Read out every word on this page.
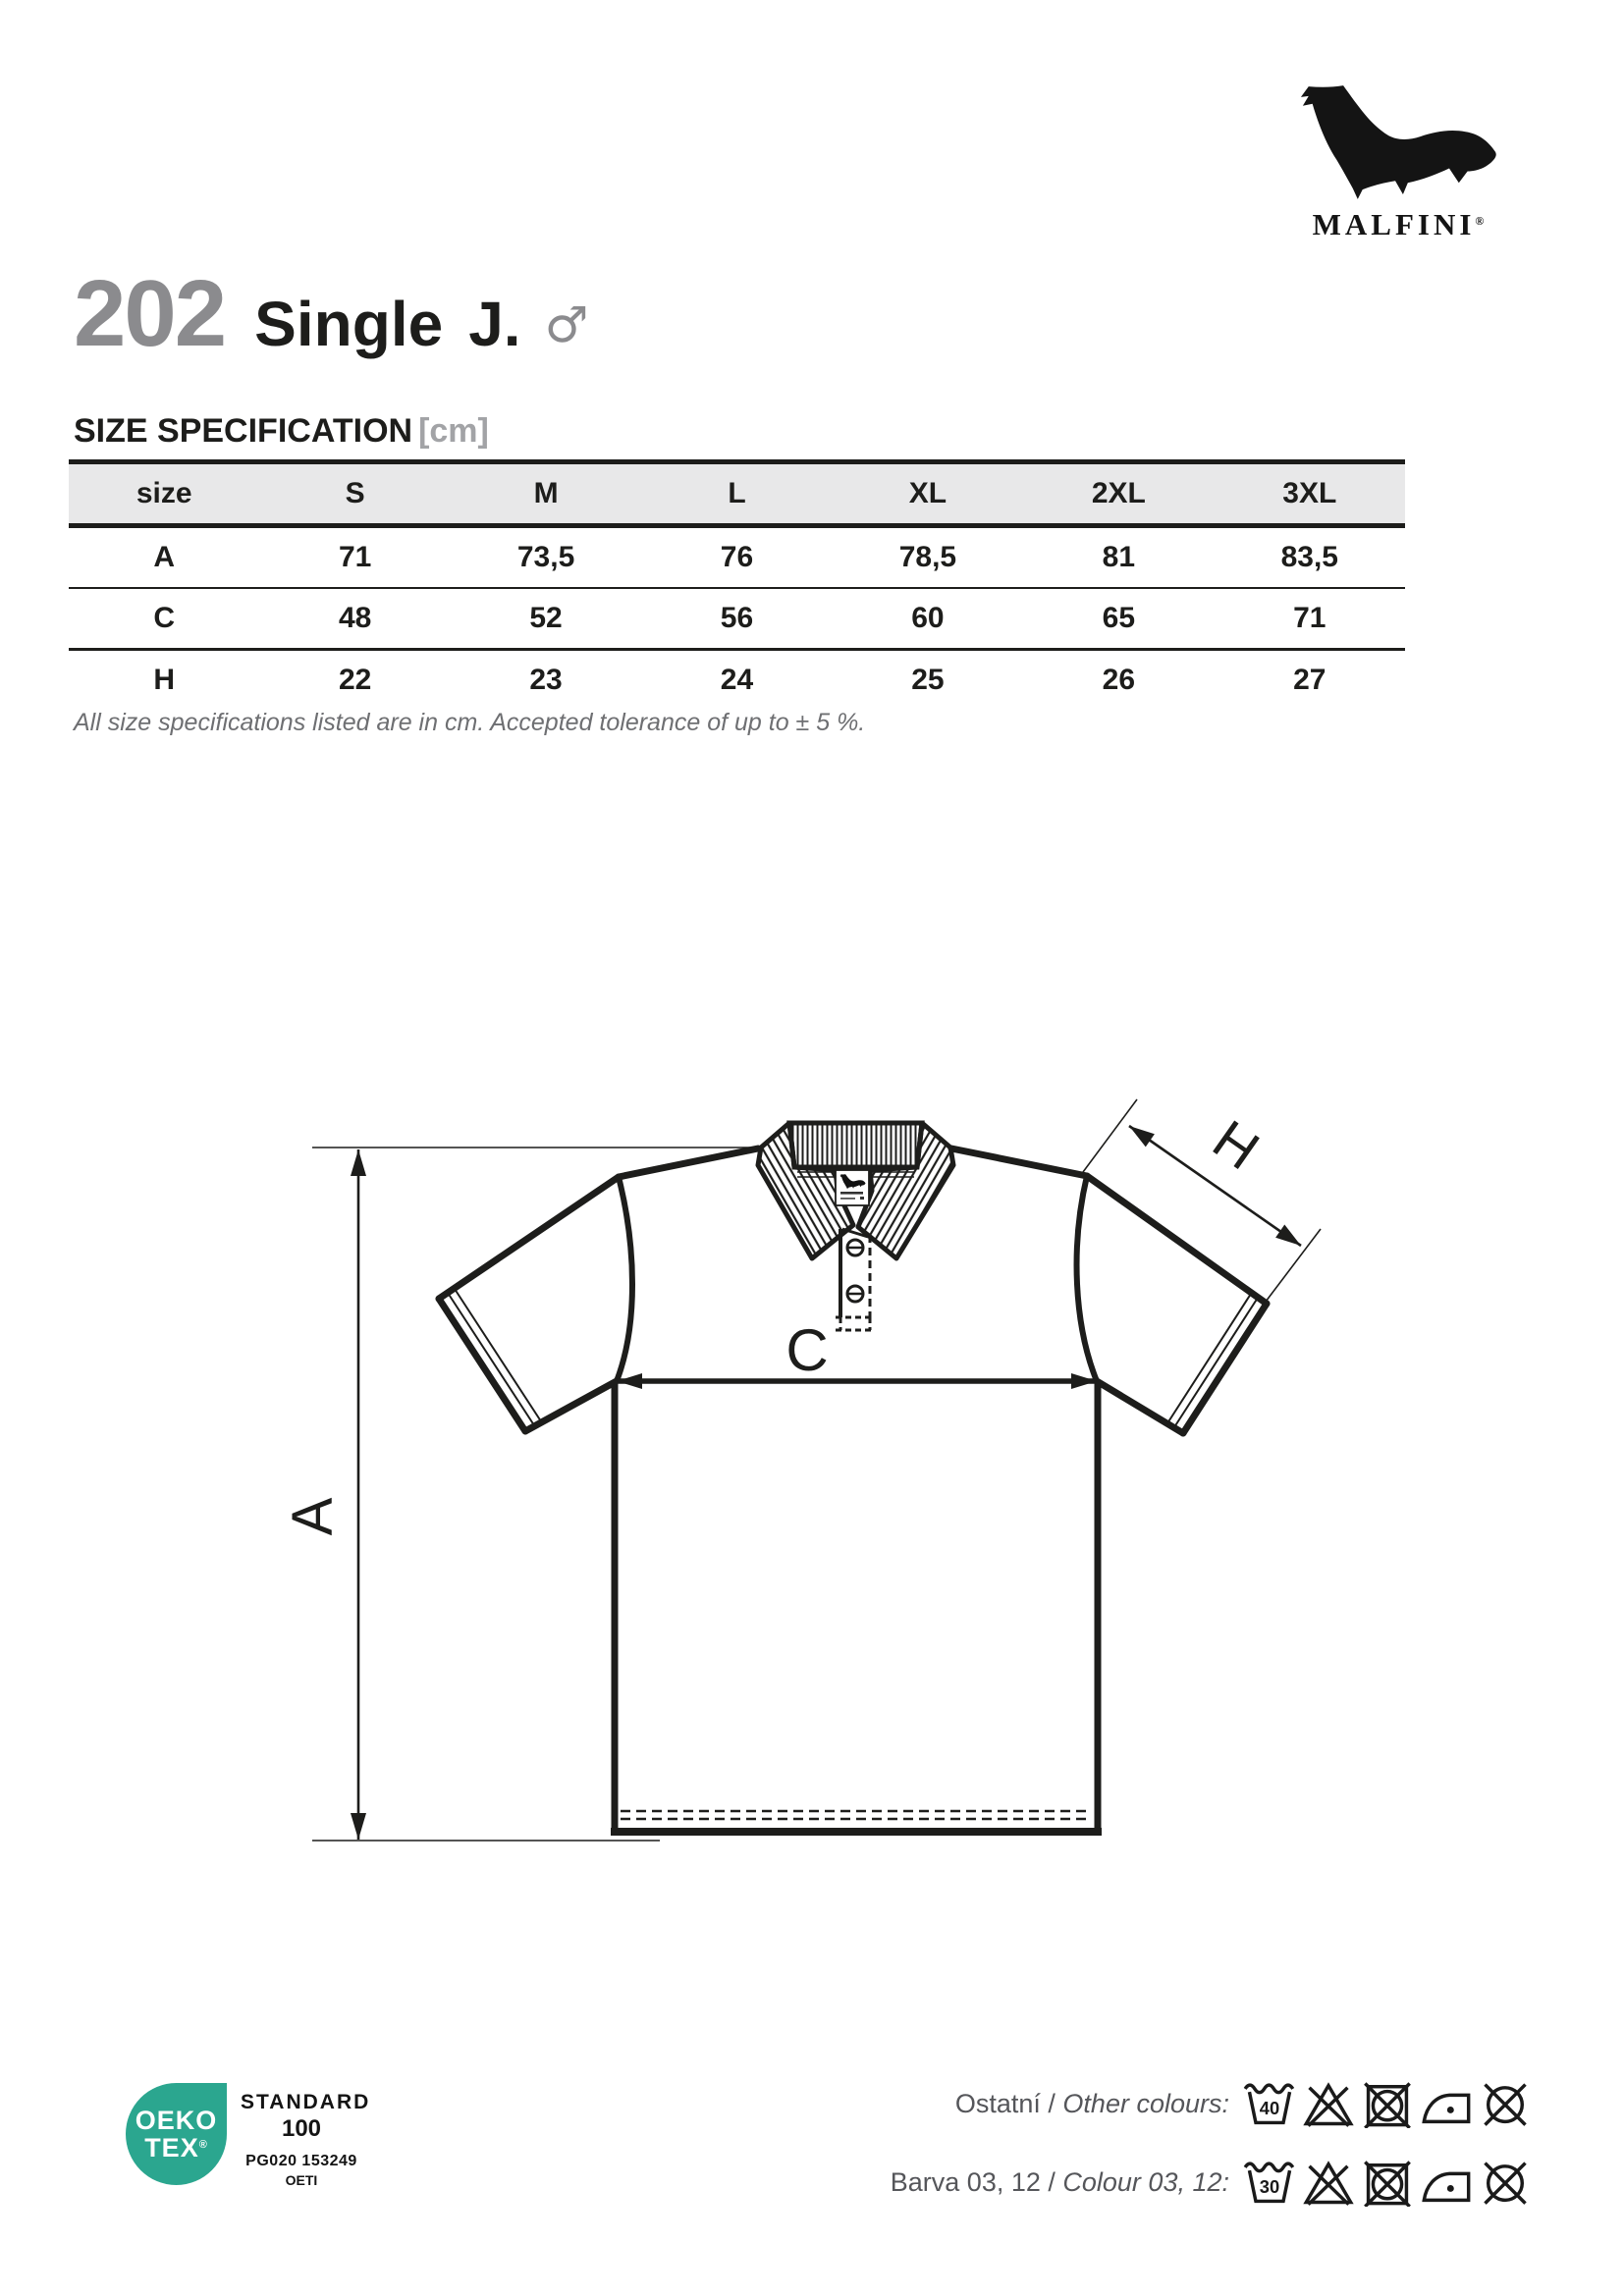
MALFINI®
202 Single J. ♂
SIZE SPECIFICATION [cm]
size	S	M	L	XL	2XL	3XL
A	71	73,5	76	78,5	81	83,5
C	48	52	56	60	65	71
H	22	23	24	25	26	27

All size specifications listed are in cm. Accepted tolerance of up to ± 5 %.

A
C
H
OEKO
TEX®
STANDARD
100
PG020 153249
OETI
Ostatní / Other colours: 40
Barva 03, 12 / Colour 03, 12: 30
